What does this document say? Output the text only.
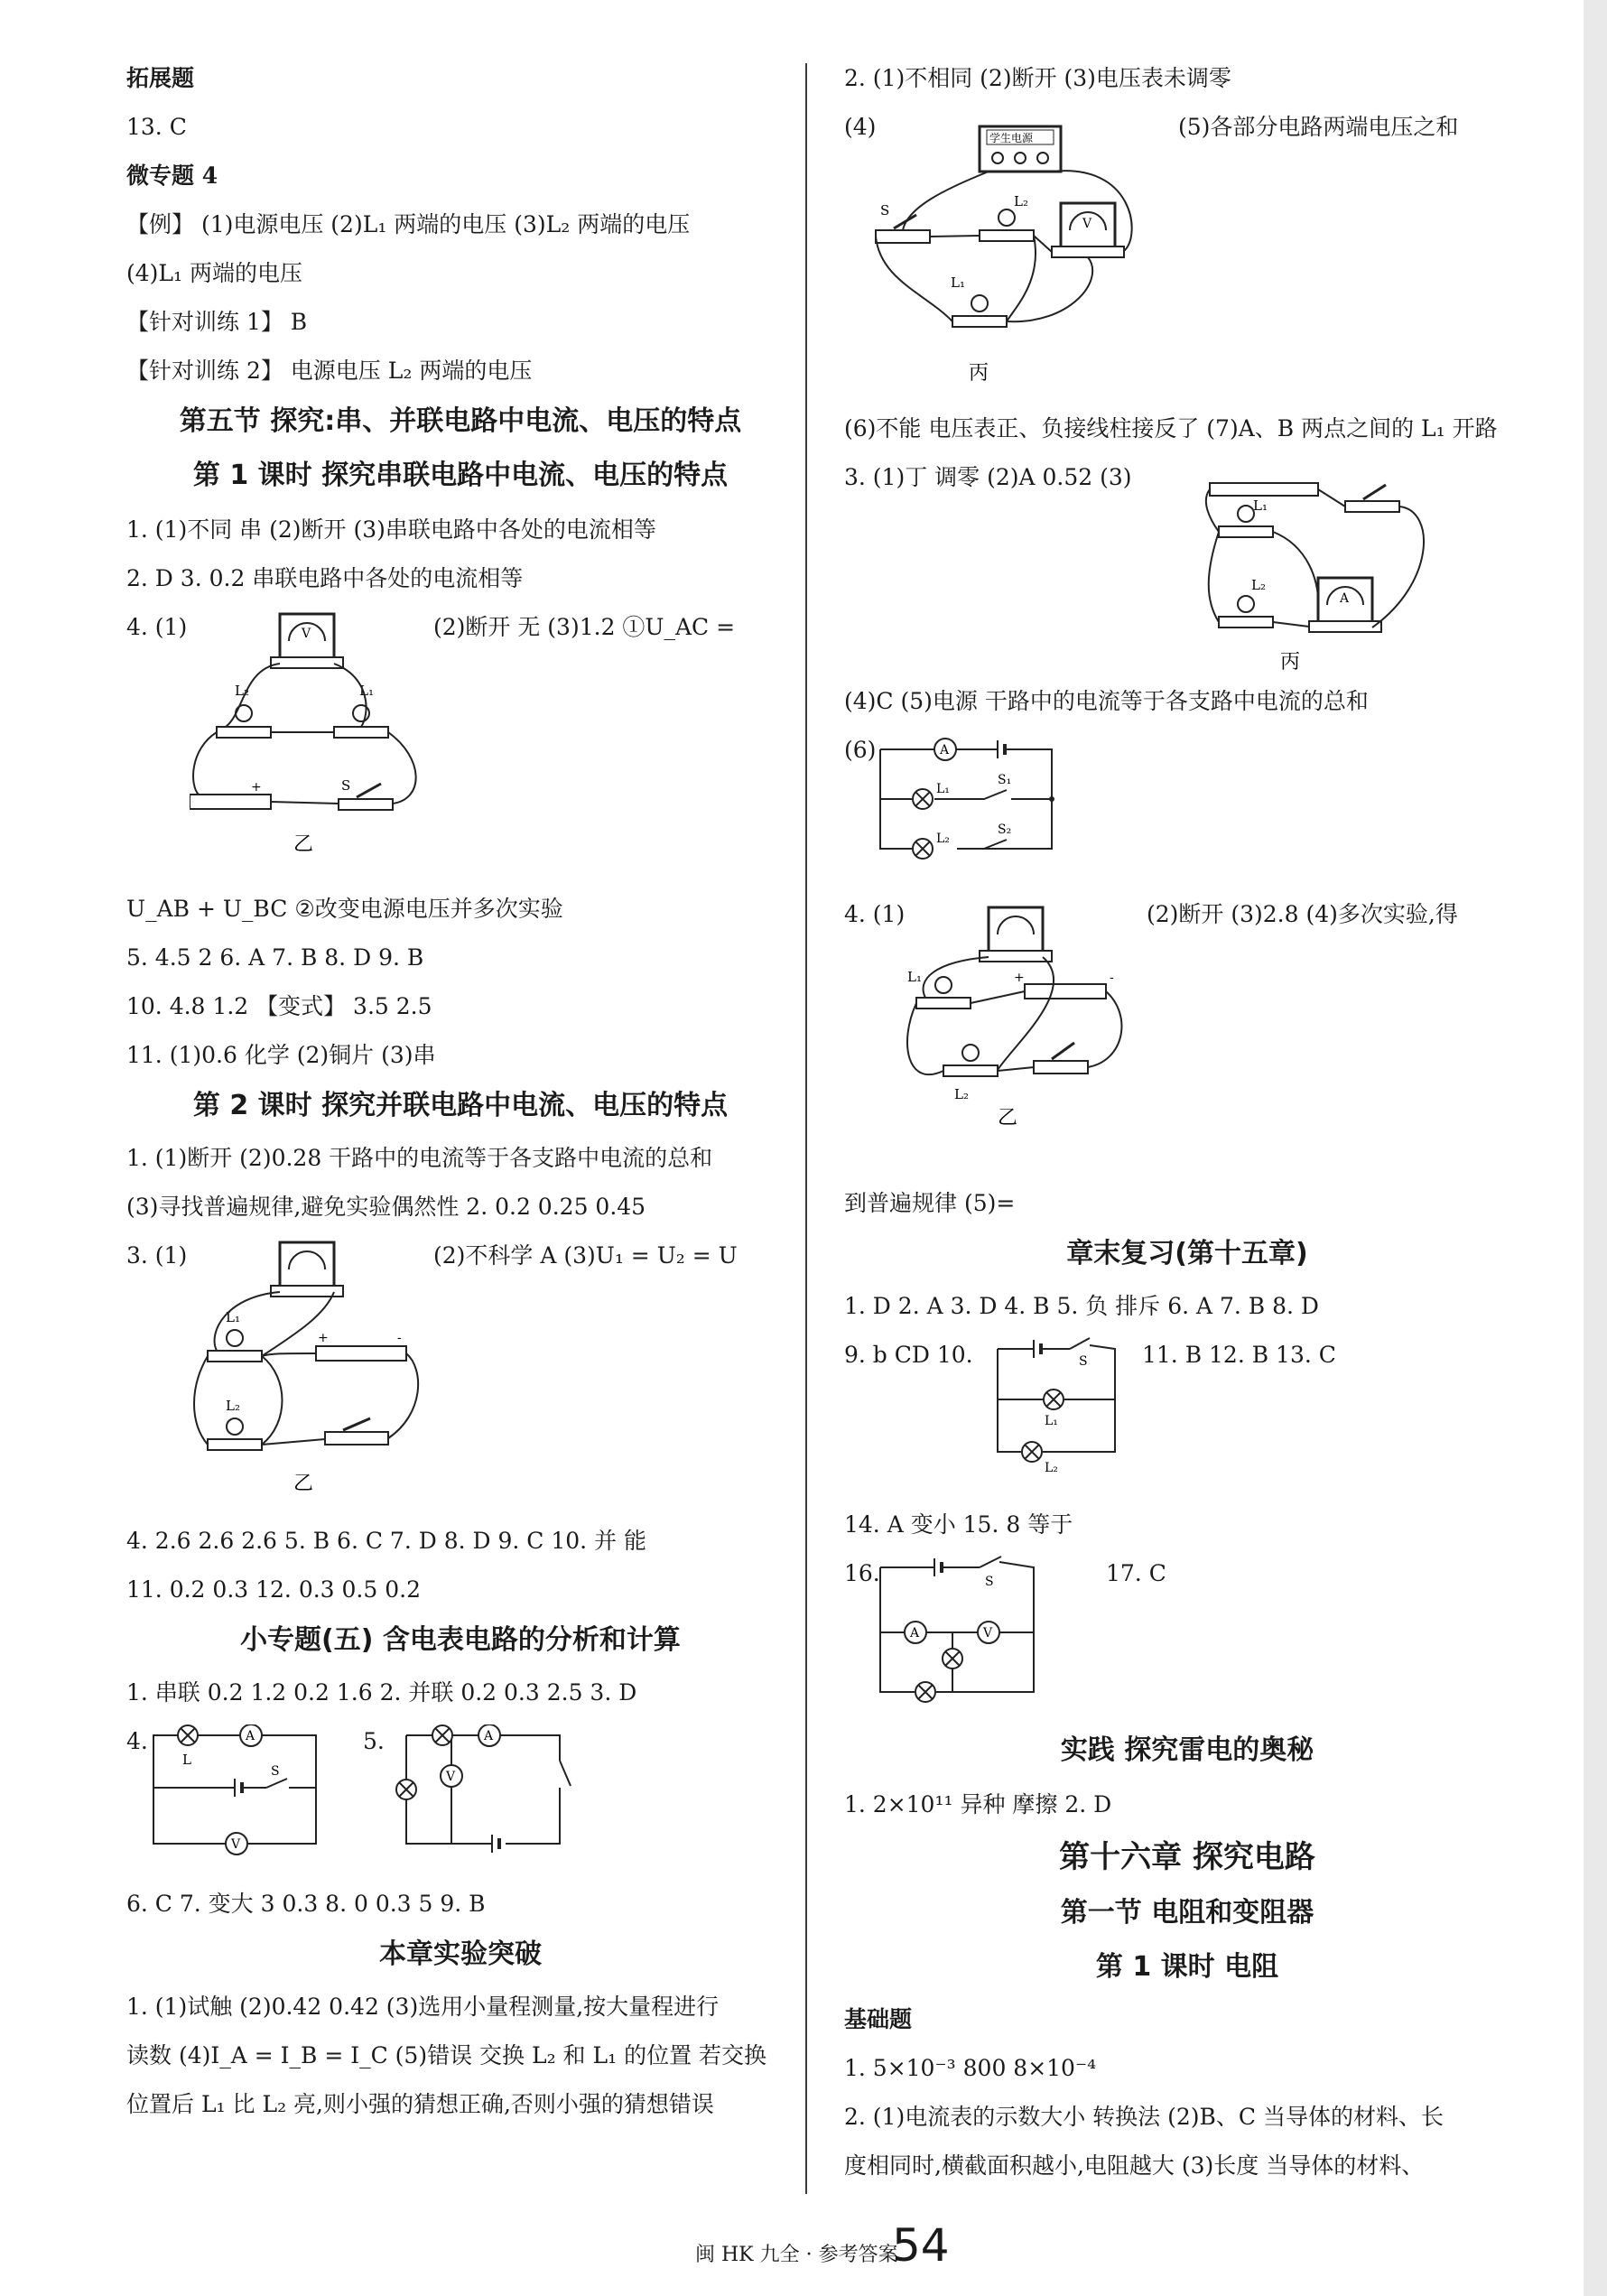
拓展题
13. C
微专题 4
【例】 (1)电源电压 (2)L₁ 两端的电压 (3)L₂ 两端的电压
(4)L₁ 两端的电压
【针对训练 1】 B
【针对训练 2】 电源电压 L₂ 两端的电压
第五节 探究:串、并联电路中电流、电压的特点
第 1 课时 探究串联电路中电流、电压的特点
1. (1)不同 串 (2)断开 (3)串联电路中各处的电流相等
2. D 3. 0.2 串联电路中各处的电流相等
4. (1)	(2)断开 无 (3)1.2 ①U_AC =
V
L₂	L₁
+	S
乙
U_AB + U_BC ②改变电源电压并多次实验
5. 4.5 2 6. A 7. B 8. D 9. B
10. 4.8 1.2 【变式】 3.5 2.5
11. (1)0.6 化学 (2)铜片 (3)串
第 2 课时 探究并联电路中电流、电压的特点
1. (1)断开 (2)0.28 干路中的电流等于各支路中电流的总和
(3)寻找普遍规律,避免实验偶然性 2. 0.2 0.25 0.45
3. (1)	(2)不科学 A (3)U₁ = U₂ = U
L₁
L₂
+	-
乙
4. 2.6 2.6 2.6 5. B 6. C 7. D 8. D 9. C 10. 并 能
11. 0.2 0.3 12. 0.3 0.5 0.2
小专题(五) 含电表电路的分析和计算
1. 串联 0.2 1.2 0.2 1.6 2. 并联 0.2 0.3 2.5 3. D
4.
L
A
S
V
5.	A
V
6. C 7. 变大 3 0.3 8. 0 0.3 5 9. B
本章实验突破
1. (1)试触 (2)0.42 0.42 (3)选用小量程测量,按大量程进行
读数 (4)I_A = I_B = I_C (5)错误 交换 L₂ 和 L₁ 的位置 若交换
位置后 L₁ 比 L₂ 亮,则小强的猜想正确,否则小强的猜想错误
2. (1)不相同 (2)断开 (3)电压表未调零
(4)	(5)各部分电路两端电压之和
学生电源
S
L₂
V
L₁
丙
(6)不能 电压表正、负接线柱接反了 (7)A、B 两点之间的 L₁ 开路
3. (1)丁 调零 (2)A 0.52 (3)
L₁
L₂
A
丙
(4)C (5)电源 干路中的电流等于各支路中电流的总和
(6)	A
L₁
S₁
L₂
S₂
4. (1)	(2)断开 (3)2.8 (4)多次实验,得
L₁	+	-
L₂
乙
到普遍规律 (5)=
章末复习(第十五章)
1. D 2. A 3. D 4. B 5. 负 排斥 6. A 7. B 8. D
9. b CD 10.	S
L₁
L₂
11. B 12. B 13. C
14. A 变小 15. 8 等于
16.	S
A	V
17. C
实践 探究雷电的奥秘
1. 2×10¹¹ 异种 摩擦 2. D
第十六章 探究电路
第一节 电阻和变阻器
第 1 课时 电阻
基础题
1. 5×10⁻³ 800 8×10⁻⁴
2. (1)电流表的示数大小 转换法 (2)B、C 当导体的材料、长
度相同时,横截面积越小,电阻越大 (3)长度 当导体的材料、
闽 HK 九全 · 参考答案
54
